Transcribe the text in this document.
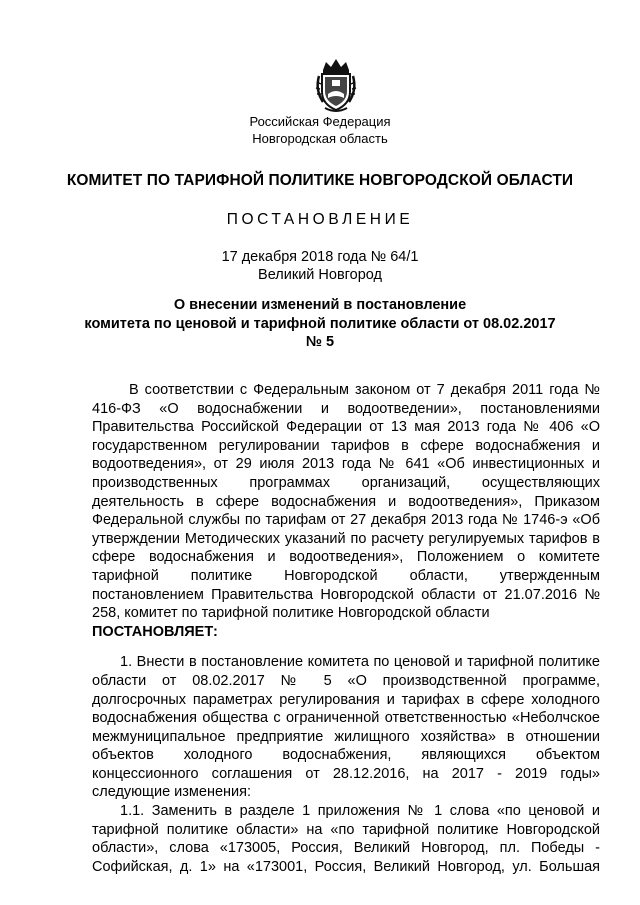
Российская Федерация
Новгородская область
КОМИТЕТ ПО ТАРИФНОЙ ПОЛИТИКЕ НОВГОРОДСКОЙ ОБЛАСТИ
ПОСТАНОВЛЕНИЕ
17 декабря 2018 года № 64/1
Великий Новгород
О внесении изменений в постановление
комитета по ценовой и тарифной политике области от 08.02.2017
№ 5

В соответствии с Федеральным законом от 7 декабря 2011 года № 416-ФЗ «О водоснабжении и водоотведении», постановлениями Правительства Российской Федерации от 13 мая 2013 года № 406 «О государственном регулировании тарифов в сфере водоснабжения и водоотведения», от 29 июля 2013 года № 641 «Об инвестиционных и производственных программах организаций, осуществляющих деятельность в сфере водоснабжения и водоотведения», Приказом Федеральной службы по тарифам от 27 декабря 2013 года № 1746-э «Об утверждении Методических указаний по расчету регулируемых тарифов в сфере водоснабжения и водоотведения», Положением о комитете тарифной политике Новгородской области, утвержденным постановлением Правительства Новгородской области от 21.07.2016 № 258, комитет по тарифной политике Новгородской области

ПОСТАНОВЛЯЕТ:

1. Внести в постановление комитета по ценовой и тарифной политике области от 08.02.2017 № 5 «О производственной программе, долгосрочных параметрах регулирования и тарифах в сфере холодного водоснабжения общества с ограниченной ответственностью «Неболчское межмуниципальное предприятие жилищного хозяйства» в отношении объектов холодного водоснабжения, являющихся объектом концессионного соглашения от 28.12.2016, на 2017 - 2019 годы» следующие изменения:

1.1. Заменить в разделе 1 приложения № 1 слова «по ценовой и тарифной политике области» на «по тарифной политике Новгородской области», слова «173005, Россия, Великий Новгород, пл. Победы - Софийская, д. 1» на «173001, Россия, Великий Новгород, ул. Большая
